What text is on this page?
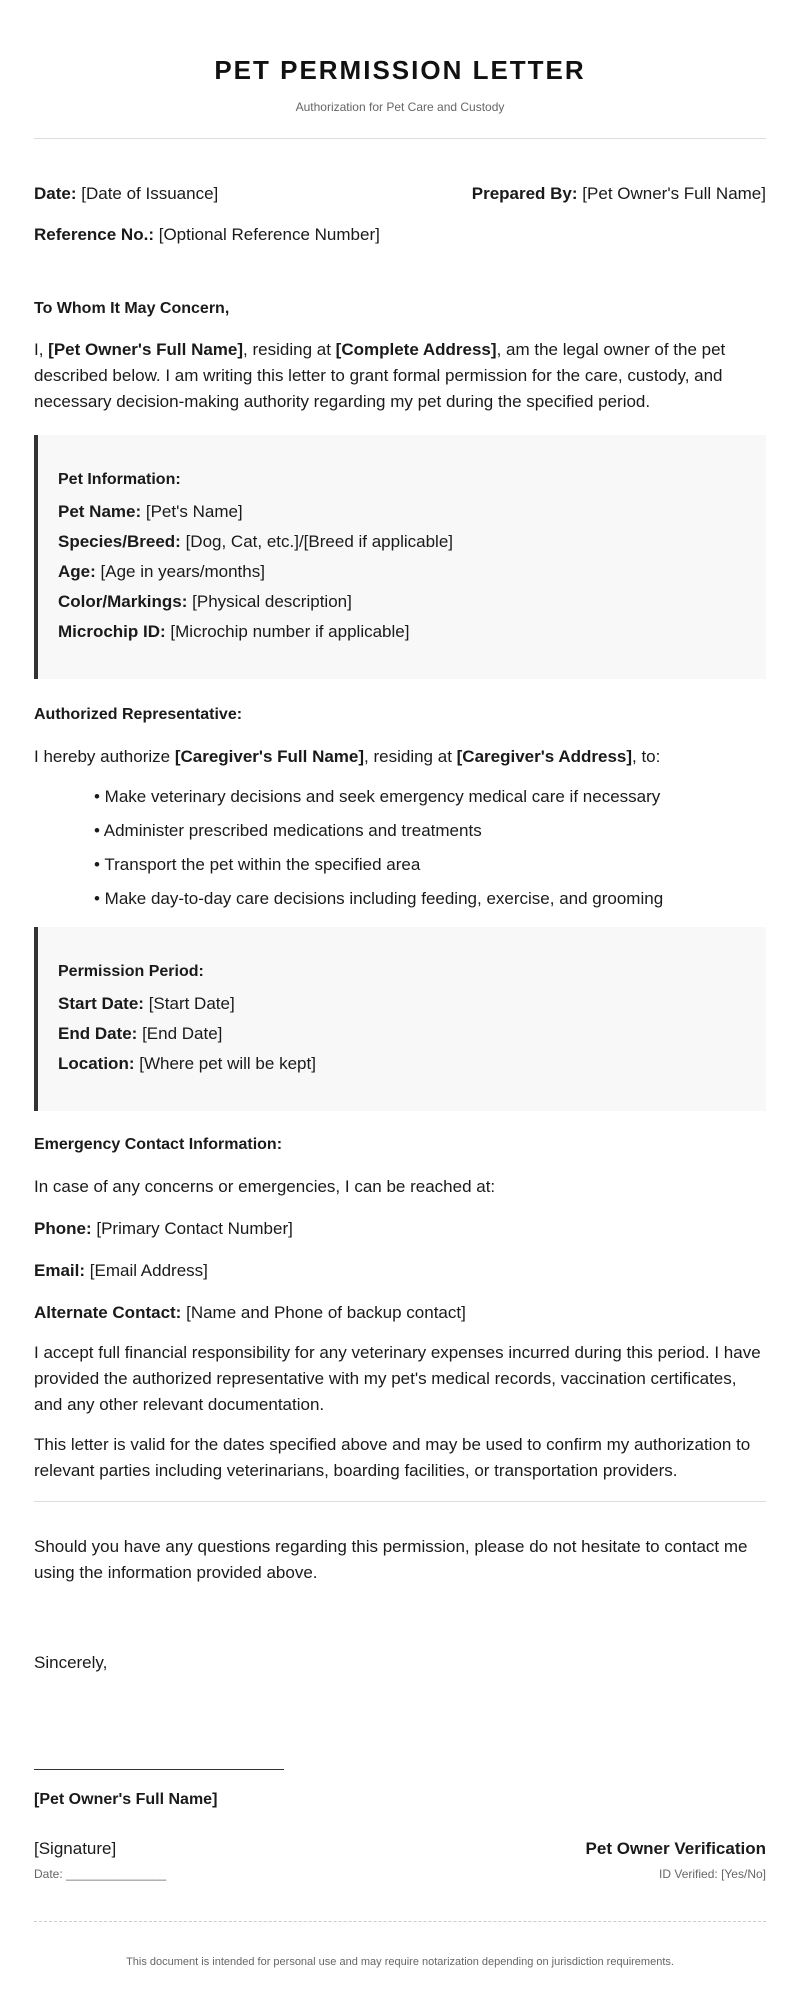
PET PERMISSION LETTER
Authorization for Pet Care and Custody
Date: [Date of Issuance]	Prepared By: [Pet Owner's Full Name]
Reference No.: [Optional Reference Number]
To Whom It May Concern,

I, [Pet Owner's Full Name], residing at [Complete Address], am the legal owner of the pet described below. I am writing this letter to grant formal permission for the care, custody, and necessary decision-making authority regarding my pet during the specified period.

Pet Information:
Pet Name: [Pet's Name]
Species/Breed: [Dog, Cat, etc.]/[Breed if applicable]
Age: [Age in years/months]
Color/Markings: [Physical description]
Microchip ID: [Microchip number if applicable]
Authorized Representative:

I hereby authorize [Caregiver's Full Name], residing at [Caregiver's Address], to:

• Make veterinary decisions and seek emergency medical care if necessary
• Administer prescribed medications and treatments
• Transport the pet within the specified area
• Make day-to-day care decisions including feeding, exercise, and grooming
Permission Period:
Start Date: [Start Date]
End Date: [End Date]
Location: [Where pet will be kept]
Emergency Contact Information:

In case of any concerns or emergencies, I can be reached at:

Phone: [Primary Contact Number]
Email: [Email Address]
Alternate Contact: [Name and Phone of backup contact]

I accept full financial responsibility for any veterinary expenses incurred during this period. I have provided the authorized representative with my pet's medical records, vaccination certificates, and any other relevant documentation.

This letter is valid for the dates specified above and may be used to confirm my authorization to relevant parties including veterinarians, boarding facilities, or transportation providers.

Should you have any questions regarding this permission, please do not hesitate to contact me using the information provided above.

Sincerely,
[Pet Owner's Full Name]
[Signature]	Pet Owner Verification
Date: _______________	ID Verified: [Yes/No]
This document is intended for personal use and may require notarization depending on jurisdiction requirements.
